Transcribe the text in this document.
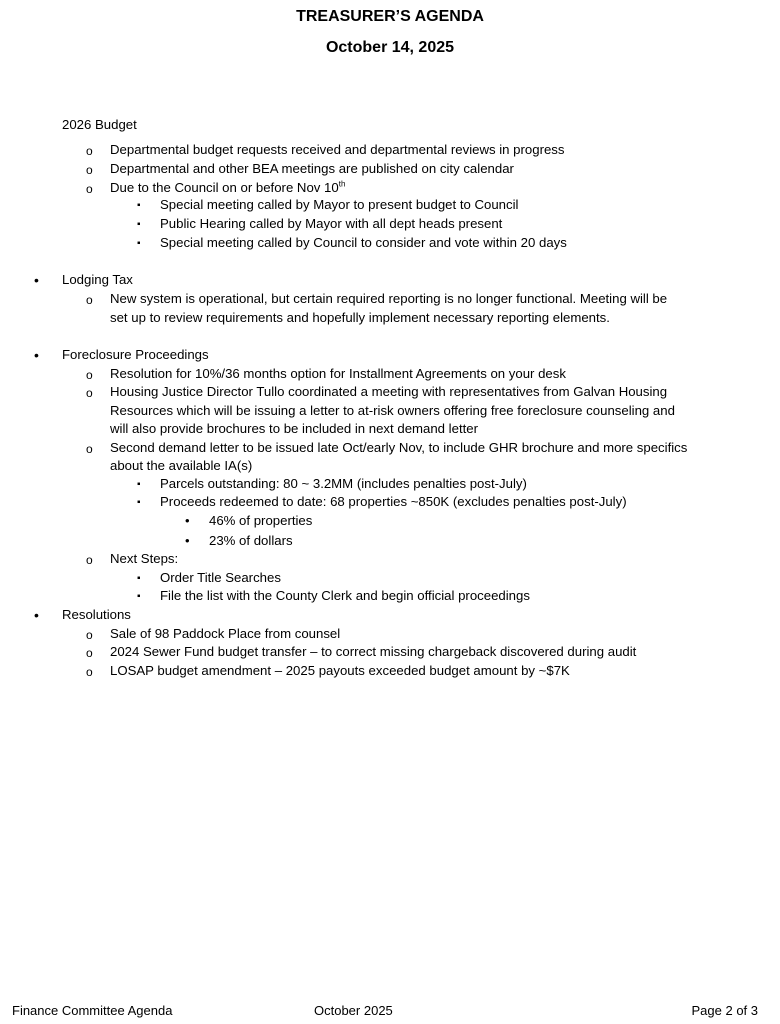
TREASURER’S AGENDA
October 14, 2025
2026 Budget
o Departmental budget requests received and departmental reviews in progress
o Departmental and other BEA meetings are published on city calendar
o Due to the Council on or before Nov 10th
▪ Special meeting called by Mayor to present budget to Council
▪ Public Hearing called by Mayor with all dept heads present
▪ Special meeting called by Council to consider and vote within 20 days
• Lodging Tax
o New system is operational, but certain required reporting is no longer functional. Meeting will be
set up to review requirements and hopefully implement necessary reporting elements.
• Foreclosure Proceedings
o Resolution for 10%/36 months option for Installment Agreements on your desk
o Housing Justice Director Tullo coordinated a meeting with representatives from Galvan Housing
Resources which will be issuing a letter to at-risk owners offering free foreclosure counseling and
will also provide brochures to be included in next demand letter
o Second demand letter to be issued late Oct/early Nov, to include GHR brochure and more specifics
about the available IA(s)
▪ Parcels outstanding: 80 ~ 3.2MM (includes penalties post-July)
▪ Proceeds redeemed to date: 68 properties ~850K (excludes penalties post-July)
• 46% of properties
• 23% of dollars
o Next Steps:
▪ Order Title Searches
▪ File the list with the County Clerk and begin official proceedings
• Resolutions
o Sale of 98 Paddock Place from counsel
o 2024 Sewer Fund budget transfer – to correct missing chargeback discovered during audit
o LOSAP budget amendment – 2025 payouts exceeded budget amount by ~$7K
Finance Committee Agenda	October 2025	Page 2 of 3
